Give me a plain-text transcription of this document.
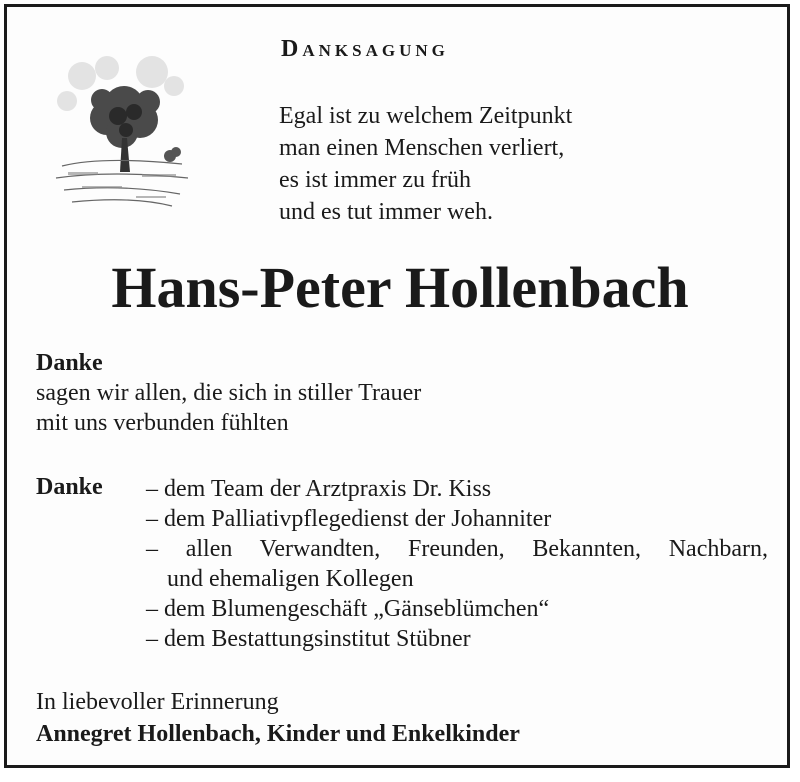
Danksagung
Egal ist zu welchem Zeitpunkt
man einen Menschen verliert,
es ist immer zu früh
und es tut immer weh.
Hans-Peter Hollenbach
Danke
sagen wir allen, die sich in stiller Trauer
mit uns verbunden fühlten
Danke – dem Team der Arztpraxis Dr. Kiss
– dem Palliativpflegedienst der Johanniter
– allen Verwandten, Freunden, Bekannten, Nachbarn,
und ehemaligen Kollegen
– dem Blumengeschäft „Gänseblümchen“
– dem Bestattungsinstitut Stübner
In liebevoller Erinnerung
Annegret Hollenbach, Kinder und Enkelkinder
